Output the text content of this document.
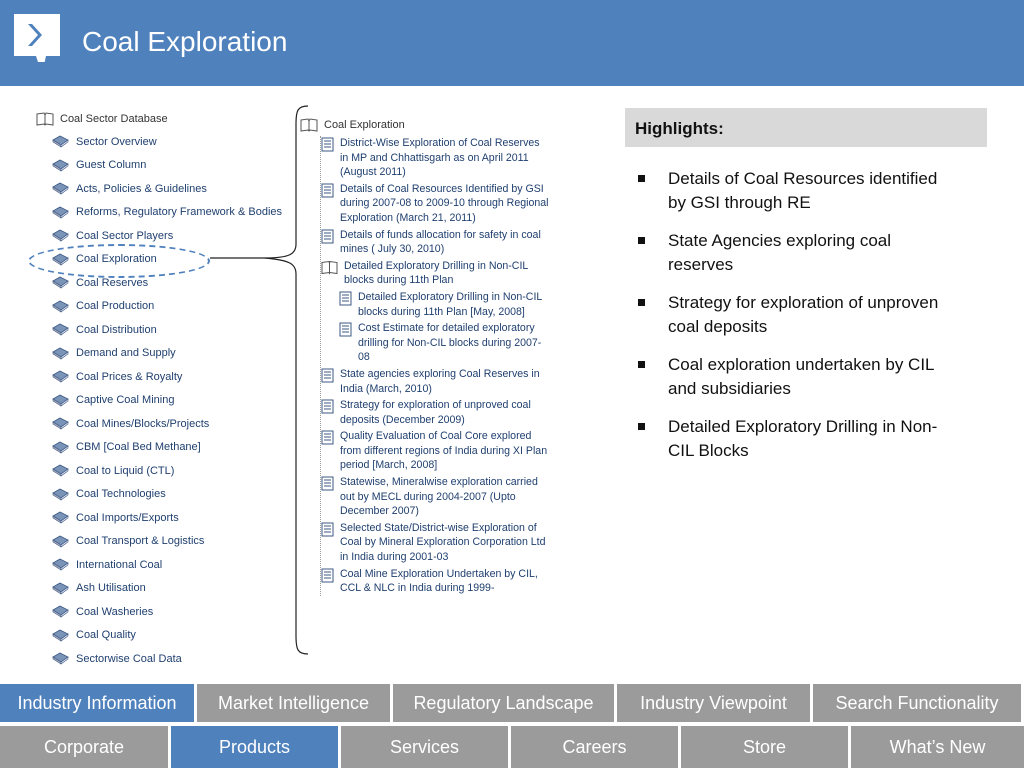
Coal Exploration
Coal Sector Database
Sector Overview
Guest Column
Acts, Policies & Guidelines
Reforms, Regulatory Framework & Bodies
Coal Sector Players
Coal Exploration
Coal Reserves
Coal Production
Coal Distribution
Demand and Supply
Coal Prices & Royalty
Captive Coal Mining
Coal Mines/Blocks/Projects
CBM [Coal Bed Methane]
Coal to Liquid (CTL)
Coal Technologies
Coal Imports/Exports
Coal Transport & Logistics
International Coal
Ash Utilisation
Coal Washeries
Coal Quality
Sectorwise Coal Data
Coal Exploration
District-Wise Exploration of Coal Reserves in MP and Chhattisgarh as on April 2011 (August 2011)
Details of Coal Resources Identified by GSI during 2007-08 to 2009-10 through Regional Exploration (March 21, 2011)
Details of funds allocation for safety in coal mines ( July 30, 2010)
Detailed Exploratory Drilling in Non-CIL blocks during 11th Plan
Detailed Exploratory Drilling in Non-CIL blocks during 11th Plan [May, 2008]
Cost Estimate for detailed exploratory drilling for Non-CIL blocks during 2007-08
State agencies exploring Coal Reserves in India (March, 2010)
Strategy for exploration of unproved coal deposits (December 2009)
Quality Evaluation of Coal Core explored from different regions of India during XI Plan period [March, 2008]
Statewise, Mineralwise exploration carried out by MECL during 2004-2007 (Upto December 2007)
Selected State/District-wise Exploration of Coal by Mineral Exploration Corporation Ltd in India during 2001-03
Coal Mine Exploration Undertaken by CIL, CCL & NLC in India during 1999-
Highlights:
Details of Coal Resources identified by GSI through RE
State Agencies exploring coal reserves
Strategy for exploration of unproven coal deposits
Coal exploration undertaken by CIL and subsidiaries
Detailed Exploratory Drilling in Non-CIL Blocks
Industry Information	Market Intelligence	Regulatory Landscape	Industry Viewpoint	Search Functionality
Corporate	Products	Services	Careers	Store	What’s New
